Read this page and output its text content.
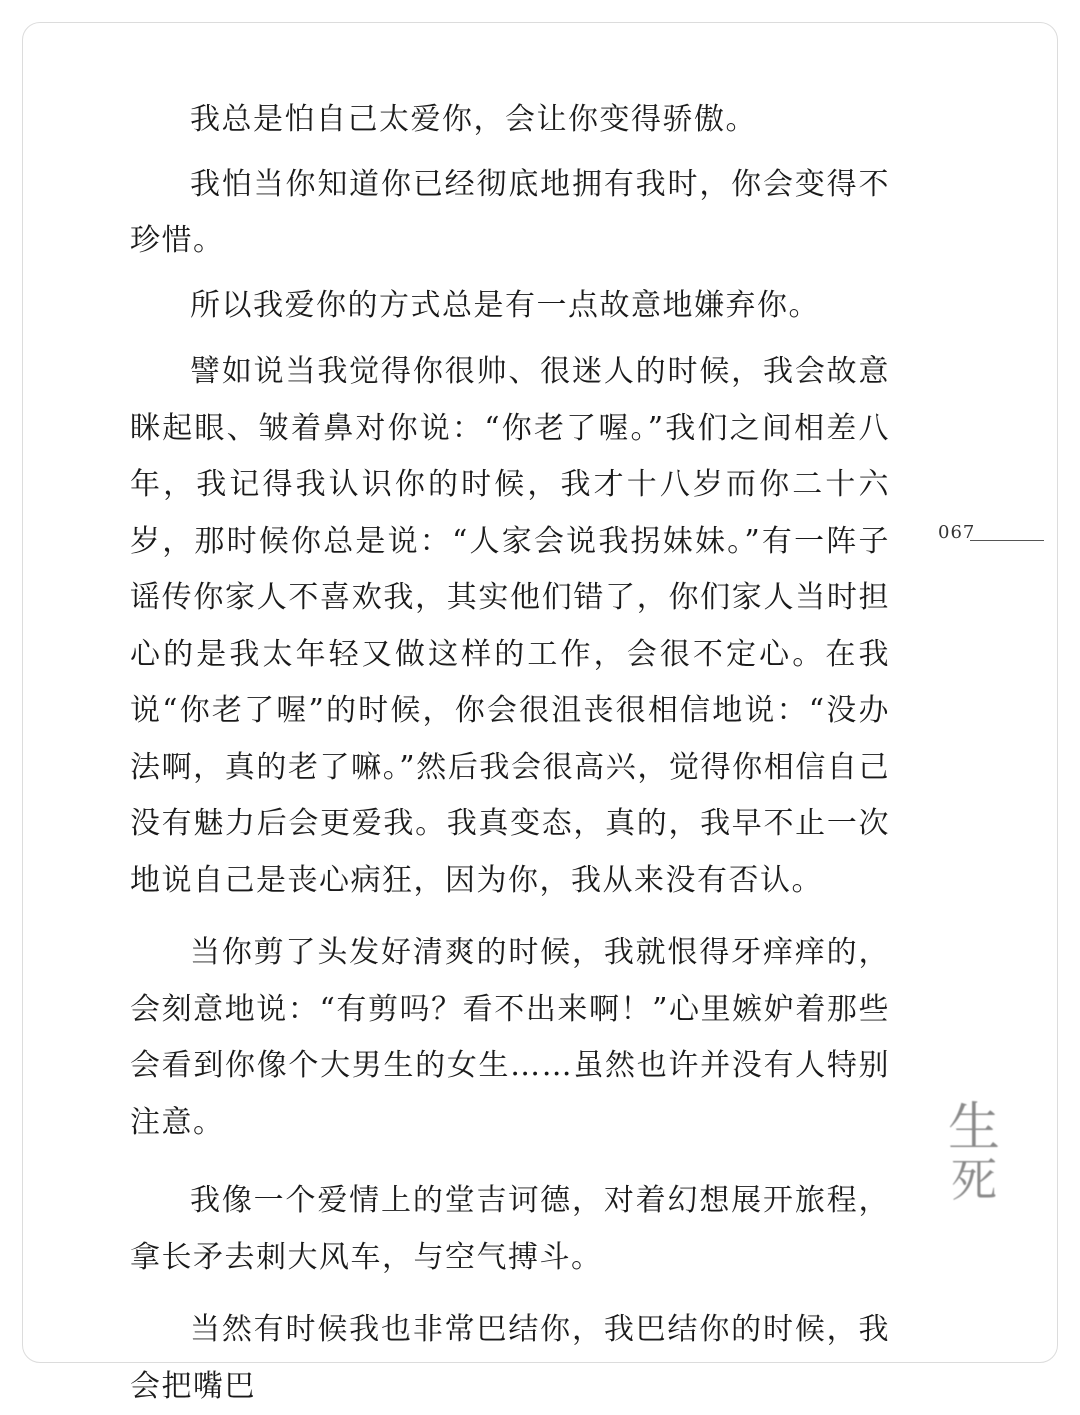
我总是怕自己太爱你，会让你变得骄傲。

我怕当你知道你已经彻底地拥有我时，你会变得不珍惜。

所以我爱你的方式总是有一点故意地嫌弃你。

譬如说当我觉得你很帅、很迷人的时候，我会故意眯起眼、皱着鼻对你说：“你老了喔。”我们之间相差八年，我记得我认识你的时候，我才十八岁而你二十六岁，那时候你总是说：“人家会说我拐妹妹。”有一阵子谣传你家人不喜欢我，其实他们错了，你们家人当时担心的是我太年轻又做这样的工作，会很不定心。在我说“你老了喔”的时候，你会很沮丧很相信地说：“没办法啊，真的老了嘛。”然后我会很高兴，觉得你相信自己没有魅力后会更爱我。我真变态，真的，我早不止一次地说自己是丧心病狂，因为你，我从来没有否认。

当你剪了头发好清爽的时候，我就恨得牙痒痒的，会刻意地说：“有剪吗？看不出来啊！”心里嫉妒着那些会看到你像个大男生的女生……虽然也许并没有人特别注意。

我像一个爱情上的堂吉诃德，对着幻想展开旅程，拿长矛去刺大风车，与空气搏斗。

当然有时候我也非常巴结你，我巴结你的时候，我会把嘴巴

067
生
死
